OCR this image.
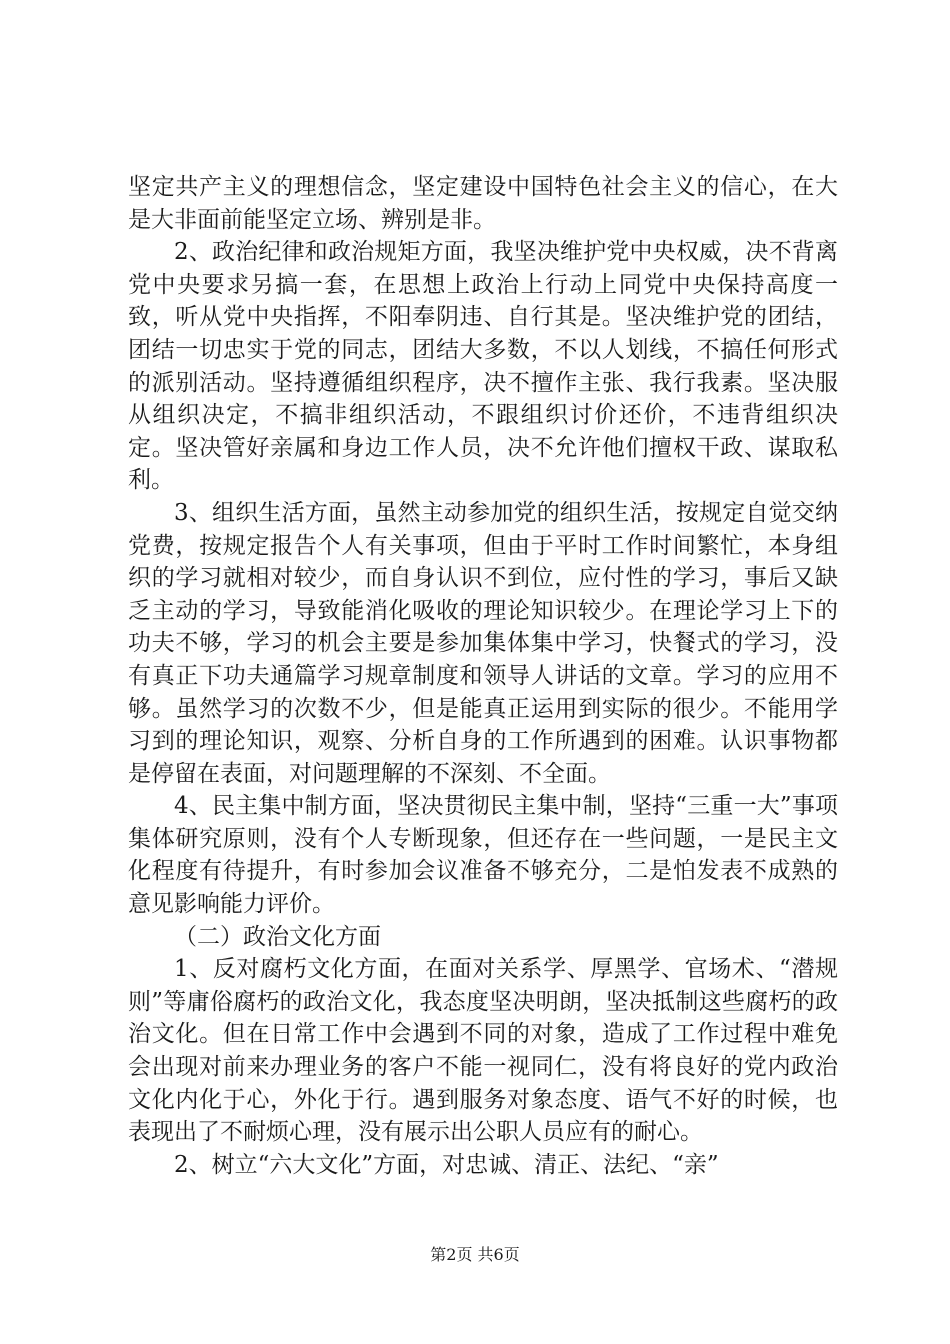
坚定共产主义的理想信念，坚定建设中国特色社会主义的信心，在大是大非面前能坚定立场、辨别是非。

2、政治纪律和政治规矩方面，我坚决维护党中央权威，决不背离党中央要求另搞一套，在思想上政治上行动上同党中央保持高度一致，听从党中央指挥，不阳奉阴违、自行其是。坚决维护党的团结，团结一切忠实于党的同志，团结大多数，不以人划线，不搞任何形式的派别活动。坚持遵循组织程序，决不擅作主张、我行我素。坚决服从组织决定，不搞非组织活动，不跟组织讨价还价，不违背组织决定。坚决管好亲属和身边工作人员，决不允许他们擅权干政、谋取私利。

3、组织生活方面，虽然主动参加党的组织生活，按规定自觉交纳党费，按规定报告个人有关事项，但由于平时工作时间繁忙，本身组织的学习就相对较少，而自身认识不到位，应付性的学习，事后又缺乏主动的学习，导致能消化吸收的理论知识较少。在理论学习上下的功夫不够，学习的机会主要是参加集体集中学习，快餐式的学习，没有真正下功夫通篇学习规章制度和领导人讲话的文章。学习的应用不够。虽然学习的次数不少，但是能真正运用到实际的很少。不能用学习到的理论知识，观察、分析自身的工作所遇到的困难。认识事物都是停留在表面，对问题理解的不深刻、不全面。

4、民主集中制方面，坚决贯彻民主集中制，坚持“三重一大”事项集体研究原则，没有个人专断现象，但还存在一些问题，一是民主文化程度有待提升，有时参加会议准备不够充分，二是怕发表不成熟的意见影响能力评价。

（二）政治文化方面

1、反对腐朽文化方面，在面对关系学、厚黑学、官场术、“潜规则”等庸俗腐朽的政治文化，我态度坚决明朗，坚决抵制这些腐朽的政治文化。但在日常工作中会遇到不同的对象，造成了工作过程中难免会出现对前来办理业务的客户不能一视同仁，没有将良好的党内政治文化内化于心，外化于行。遇到服务对象态度、语气不好的时候，也表现出了不耐烦心理，没有展示出公职人员应有的耐心。

2、树立“六大文化”方面，对忠诚、清正、法纪、“亲”

第2页 共6页
